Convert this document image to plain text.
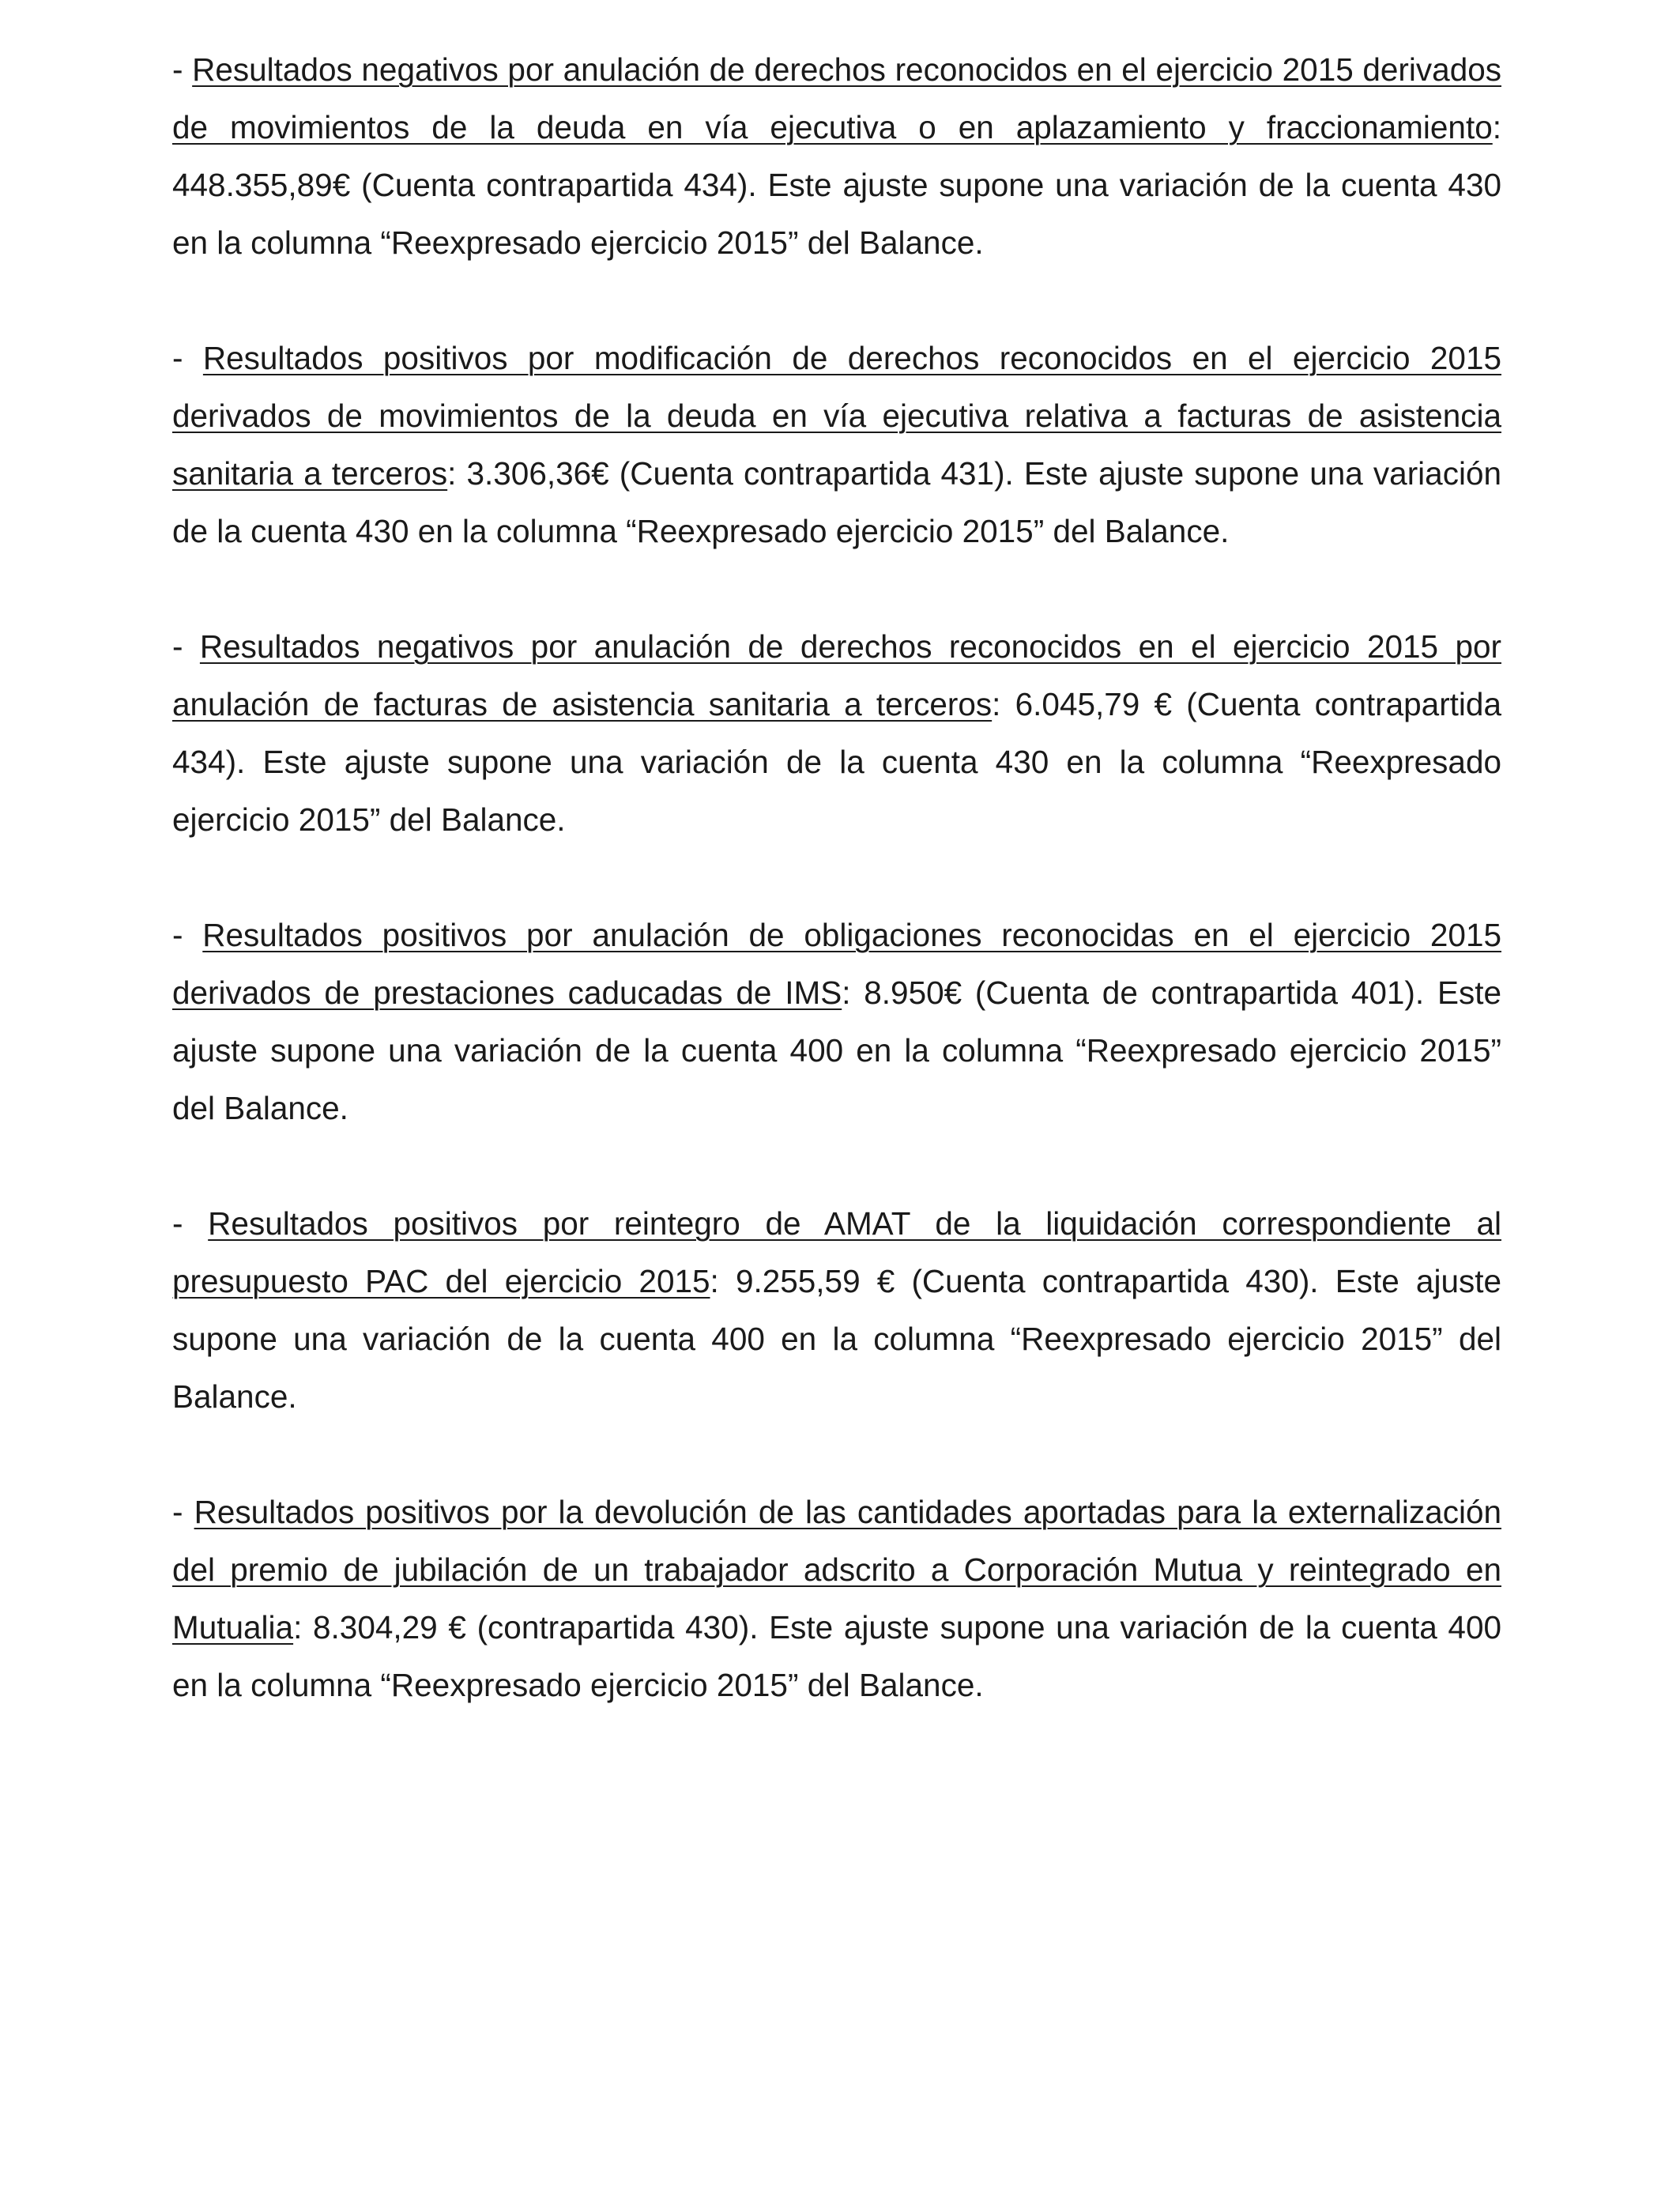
- Resultados negativos por anulación de derechos reconocidos en el ejercicio 2015 derivados de movimientos de la deuda en vía ejecutiva o en aplazamiento y fraccionamiento: 448.355,89€ (Cuenta contrapartida 434). Este ajuste supone una variación de la cuenta 430 en la columna “Reexpresado ejercicio 2015” del Balance.

- Resultados positivos por modificación de derechos reconocidos en el ejercicio 2015 derivados de movimientos de la deuda en vía ejecutiva relativa a facturas de asistencia sanitaria a terceros: 3.306,36€ (Cuenta contrapartida 431). Este ajuste supone una variación de la cuenta 430 en la columna “Reexpresado ejercicio 2015” del Balance.

- Resultados negativos por anulación de derechos reconocidos en el ejercicio 2015 por anulación de facturas de asistencia sanitaria a terceros: 6.045,79 € (Cuenta contrapartida 434). Este ajuste supone una variación de la cuenta 430 en la columna “Reexpresado ejercicio 2015” del Balance.

- Resultados positivos por anulación de obligaciones reconocidas en el ejercicio 2015 derivados de prestaciones caducadas de IMS: 8.950€ (Cuenta de contrapartida 401). Este ajuste supone una variación de la cuenta 400 en la columna “Reexpresado ejercicio 2015” del Balance.

- Resultados positivos por reintegro de AMAT de la liquidación correspondiente al presupuesto PAC del ejercicio 2015: 9.255,59 € (Cuenta contrapartida 430). Este ajuste supone una variación de la cuenta 400 en la columna “Reexpresado ejercicio 2015” del Balance.

- Resultados positivos por la devolución de las cantidades aportadas para la externalización del premio de jubilación de un trabajador adscrito a Corporación Mutua y reintegrado en Mutualia: 8.304,29 € (contrapartida 430). Este ajuste supone una variación de la cuenta 400 en la columna “Reexpresado ejercicio 2015” del Balance.
